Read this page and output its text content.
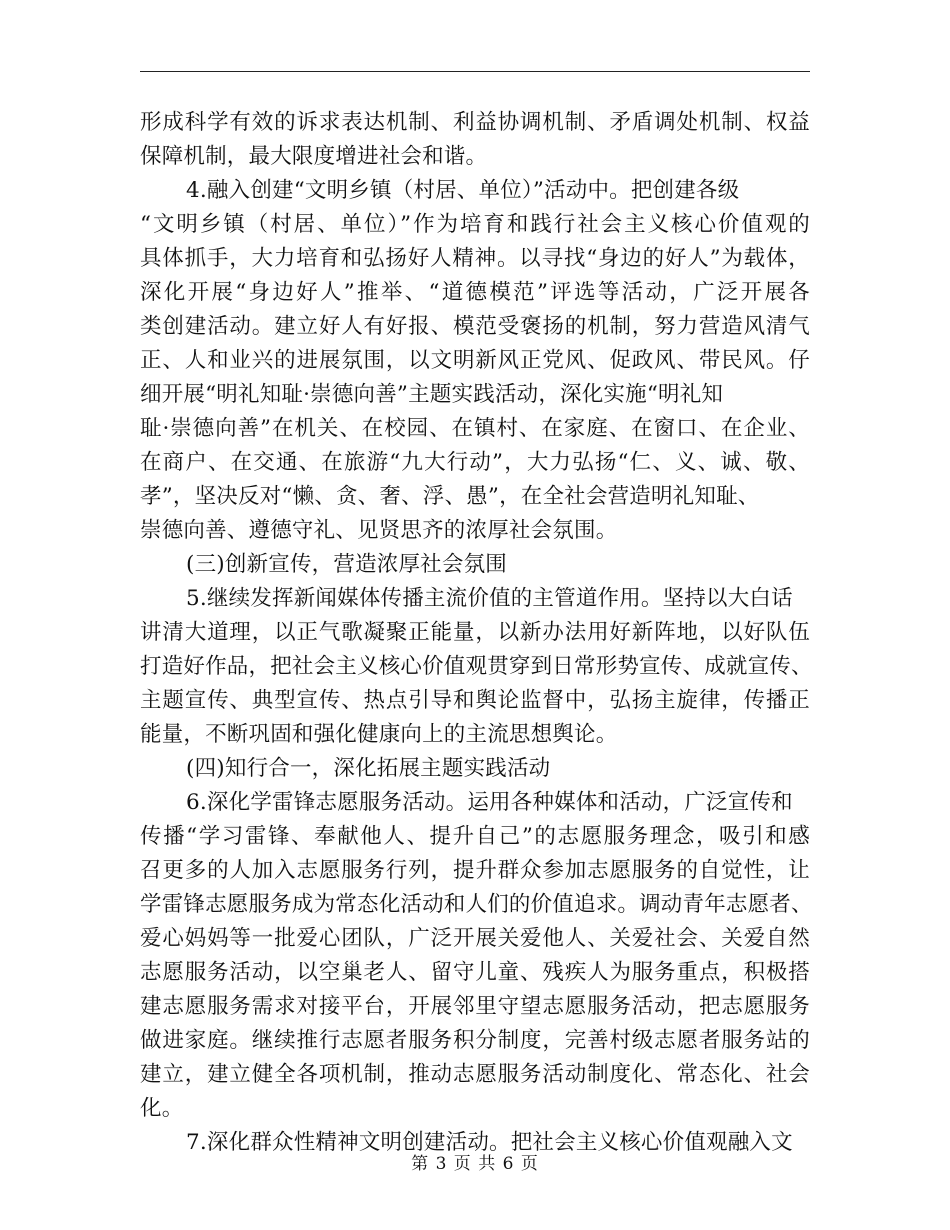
形成科学有效的诉求表达机制、利益协调机制、矛盾调处机制、权益
保障机制，最大限度增进社会和谐。
4.融入创建“文明乡镇（村居、单位）”活动中。把创建各级
“文明乡镇（村居、单位）”作为培育和践行社会主义核心价值观的
具体抓手，大力培育和弘扬好人精神。以寻找“身边的好人”为载体，
深化开展“身边好人”推举、“道德模范”评选等活动，广泛开展各
类创建活动。建立好人有好报、模范受褒扬的机制，努力营造风清气
正、人和业兴的进展氛围，以文明新风正党风、促政风、带民风。仔
细开展“明礼知耻·崇德向善”主题实践活动，深化实施“明礼知
耻·崇德向善”在机关、在校园、在镇村、在家庭、在窗口、在企业、
在商户、在交通、在旅游“九大行动”，大力弘扬“仁、义、诚、敬、
孝”，坚决反对“懒、贪、奢、浮、愚”，在全社会营造明礼知耻、
崇德向善、遵德守礼、见贤思齐的浓厚社会氛围。
(三)创新宣传，营造浓厚社会氛围
5.继续发挥新闻媒体传播主流价值的主管道作用。坚持以大白话
讲清大道理，以正气歌凝聚正能量，以新办法用好新阵地，以好队伍
打造好作品，把社会主义核心价值观贯穿到日常形势宣传、成就宣传、
主题宣传、典型宣传、热点引导和舆论监督中，弘扬主旋律，传播正
能量，不断巩固和强化健康向上的主流思想舆论。
(四)知行合一，深化拓展主题实践活动
6.深化学雷锋志愿服务活动。运用各种媒体和活动，广泛宣传和
传播“学习雷锋、奉献他人、提升自己”的志愿服务理念，吸引和感
召更多的人加入志愿服务行列，提升群众参加志愿服务的自觉性，让
学雷锋志愿服务成为常态化活动和人们的价值追求。调动青年志愿者、
爱心妈妈等一批爱心团队，广泛开展关爱他人、关爱社会、关爱自然
志愿服务活动，以空巢老人、留守儿童、残疾人为服务重点，积极搭
建志愿服务需求对接平台，开展邻里守望志愿服务活动，把志愿服务
做进家庭。继续推行志愿者服务积分制度，完善村级志愿者服务站的
建立，建立健全各项机制，推动志愿服务活动制度化、常态化、社会
化。
7.深化群众性精神文明创建活动。把社会主义核心价值观融入文
第 3 页 共 6 页
